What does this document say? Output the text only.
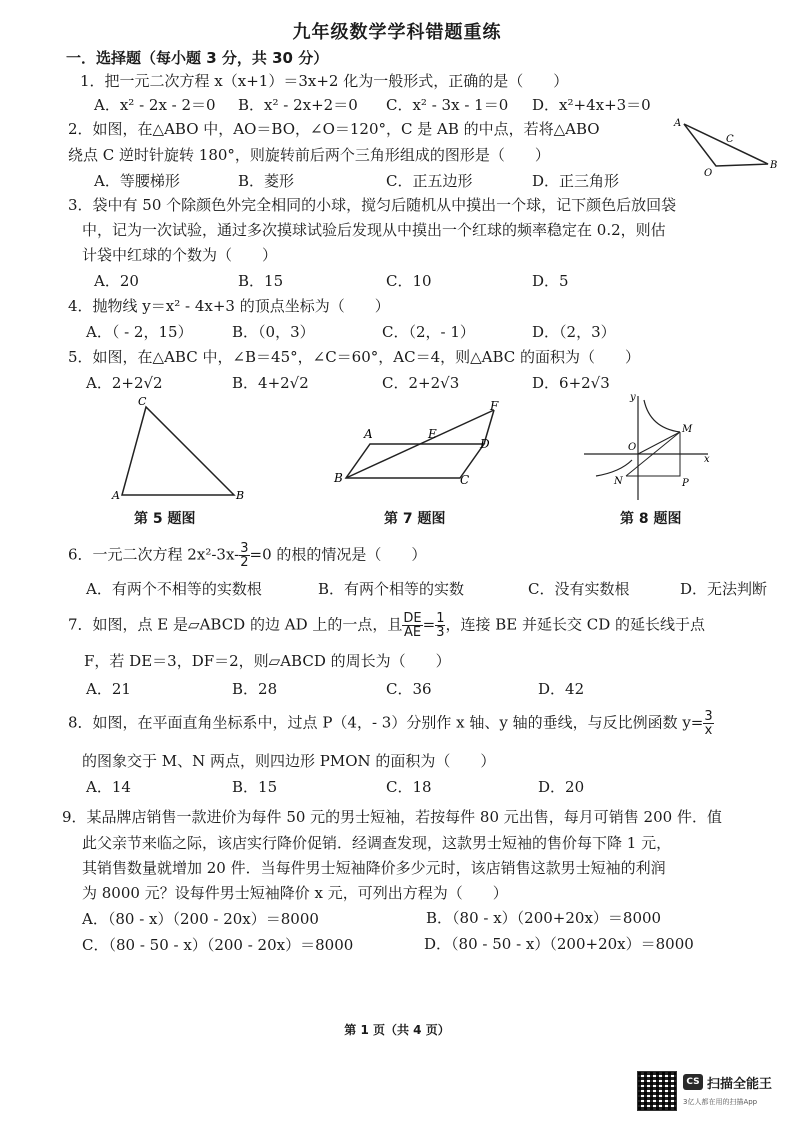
九年级数学学科错题重练
一．选择题（每小题 3 分，共 30 分）
1．把一元二次方程 x（x+1）＝3x+2 化为一般形式，正确的是（　　）
A．x² - 2x - 2＝0 B．x² - 2x+2＝0 C．x² - 3x - 1＝0 D．x²+4x+3＝0
2．如图，在△ABO 中，AO＝BO，∠O＝120°，C 是 AB 的中点，若将△ABO
绕点 C 逆时针旋转 180°，则旋转前后两个三角形组成的图形是（　　）
A．等腰梯形	B．菱形	C．正五边形	D．正三角形
A
B
C
O
3．袋中有 50 个除颜色外完全相同的小球，搅匀后随机从中摸出一个球，记下颜色后放回袋
中，记为一次试验，通过多次摸球试验后发现从中摸出一个红球的频率稳定在 0.2，则估
计袋中红球的个数为（　　）
A．20	B．15	C．10	D．5
4．抛物线 y＝x² - 4x+3 的顶点坐标为（　　）
A．（ - 2，15）	B．（0，3）	C．（2，- 1）	D．（2，3）
5．如图，在△ABC 中，∠B＝45°，∠C＝60°，AC＝4，则△ABC 的面积为（　　）
A．2+2√2	B．4+2√2	C．2+2√3	D．6+2√3
A	B
C
第 5 题图
A
B	C
D
E
F
第 7 题图
y
x
O
M
N	P
第 8 题图
6．一元二次方程 $2x^2-3x- \frac{3}{2} =0$ 的根的情况是（　　）
A．有两个不相等的实数根	B．有两个相等的实数	C．没有实数根	D．无法判断
7．如图，点 E 是▱ABCD 的边 AD 上的一点，且 $\frac{DE}{AE} = \frac{1}{3}$ ，连接 BE 并延长交 CD 的延长线于点
F，若 DE＝3，DF＝2，则▱ABCD 的周长为（　　）
A．21	B．28	C．36	D．42
8．如图，在平面直角坐标系中，过点 P（4，- 3）分别作 x 轴、y 轴的垂线，与反比例函数 $y= \frac{3}{x}$
的图象交于 M、N 两点，则四边形 PMON 的面积为（　　）
A．14	B．15	C．18	D．20
9．某品牌店销售一款进价为每件 50 元的男士短袖，若按每件 80 元出售，每月可销售 200 件．值
此父亲节来临之际，该店实行降价促销．经调查发现，这款男士短袖的售价每下降 1 元，
其销售数量就增加 20 件．当每件男士短袖降价多少元时，该店销售这款男士短袖的利润
为 8000 元？设每件男士短袖降价 x 元，可列出方程为（　　）
A．（80 - x）（200 - 20x）＝8000	B．（80 - x）（200+20x）＝8000
C．（80 - 50 - x）（200 - 20x）＝8000	D．（80 - 50 - x）（200+20x）＝8000
第 1 页（共 4 页）
CS 扫描全能王
3亿人都在用的扫描App
